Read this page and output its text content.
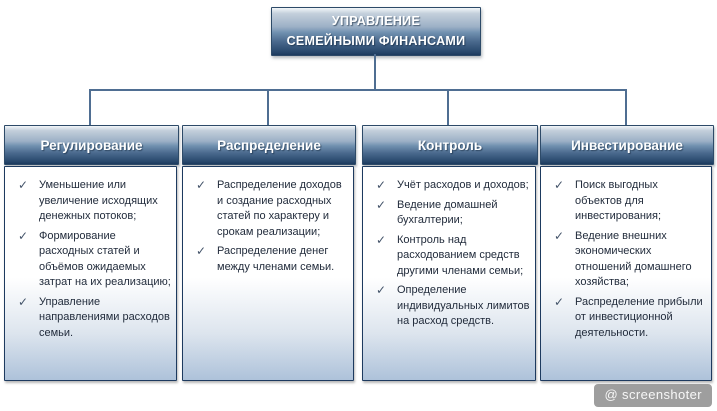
УПРАВЛЕНИЕ
СЕМЕЙНЫМИ ФИНАНСАМИ
Регулирование
✓ Уменьшение или увеличение исходящих денежных потоков;
✓ Формирование расходных статей и объёмов ожидаемых затрат на их реализацию;
✓ Управление направлениями расходов семьи.
Распределение
✓ Распределение доходов и создание расходных статей по характеру и срокам реализации;
✓ Распределение денег между членами семьи.
Контроль
✓ Учёт расходов и доходов;
✓ Ведение домашней бухгалтерии;
✓ Контроль над расходованием средств другими членами семьи;
✓ Определение индивидуальных лимитов на расход средств.
Инвестирование
✓ Поиск выгодных объектов для инвестирования;
✓ Ведение внешних экономических отношений домашнего хозяйства;
✓ Распределение прибыли от инвестиционной деятельности.
@ screenshoter
